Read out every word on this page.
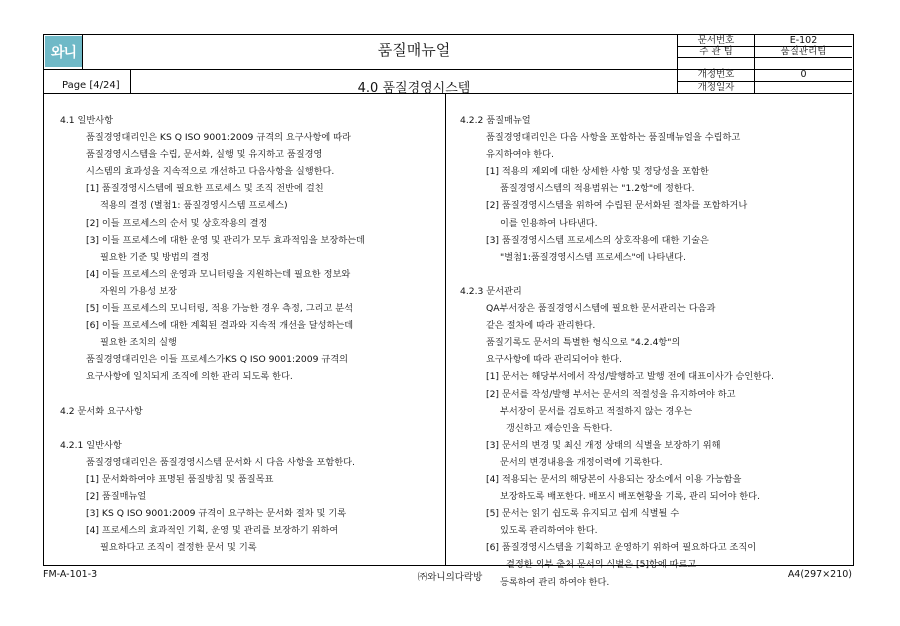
와니	품질매뉴얼
Page [4/24]	4.0 품질경영시스템
문서번호	E-102
주 관 팀	품질관리팀
개정번호	0
개정일자
4.1 일반사항
품질경영대리인은 KS Q ISO 9001:2009 규격의 요구사항에 따라
품질경영시스템을 수립, 문서화, 실행 및 유지하고 품질경영
시스템의 효과성을 지속적으로 개선하고 다음사항을 실행한다.
[1] 품질경영시스템에 필요한 프로세스 및 조직 전반에 걸친
적용의 결정 (별첨1: 품질경영시스템 프로세스)
[2] 이들 프로세스의 순서 및 상호작용의 결정
[3] 이들 프로세스에 대한 운영 및 관리가 모두 효과적임을 보장하는데
필요한 기준 및 방법의 결정
[4] 이들 프로세스의 운영과 모니터링을 지원하는데 필요한 정보와
자원의 가용성 보장
[5] 이들 프로세스의 모니터링, 적용 가능한 경우 측정, 그리고 분석
[6] 이들 프로세스에 대한 계획된 결과와 지속적 개선을 달성하는데
필요한 조치의 실행
품질경영대리인은 이들 프로세스가KS Q ISO 9001:2009 규격의
요구사항에 일치되게 조직에 의한 관리 되도록 한다.
4.2 문서화 요구사항
4.2.1 일반사항
품질경영대리인은 품질경영시스템 문서화 시 다음 사항을 포함한다.
[1] 문서화하여야 표명된 품질방침 및 품질목표
[2] 품질매뉴얼
[3] KS Q ISO 9001:2009 규격이 요구하는 문서화 절차 및 기록
[4] 프로세스의 효과적인 기획, 운영 및 관리를 보장하기 위하여
필요하다고 조직이 결정한 문서 및 기록
4.2.2 품질매뉴얼
품질경영대리인은 다음 사항을 포함하는 품질매뉴얼을 수립하고
유지하여야 한다.
[1] 적용의 제외에 대한 상세한 사항 및 정당성을 포함한
품질경영시스템의 적용범위는 "1.2항"에 정한다.
[2] 품질경영시스템을 위하여 수립된 문서화된 절차를 포함하거나
이를 인용하여 나타낸다.
[3] 품질경영시스템 프로세스의 상호작용에 대한 기술은
"별첨1:품질경영시스템 프로세스"에 나타낸다.
4.2.3 문서관리
QA부서장은 품질경영시스템에 필요한 문서관리는 다음과
같은 절차에 따라 관리한다.
품질기록도 문서의 특별한 형식으로 "4.2.4항"의
요구사항에 따라 관리되어야 한다.
[1] 문서는 해당부서에서 작성/발행하고 발행 전에 대표이사가 승인한다.
[2] 문서를 작성/발행 부서는 문서의 적절성을 유지하여야 하고
부서장이 문서를 검토하고 적절하지 않는 경우는
갱신하고 재승인을 득한다.
[3] 문서의 변경 및 최신 개정 상태의 식별을 보장하기 위해
문서의 변경내용을 개정이력에 기록한다.
[4] 적용되는 문서의 해당본이 사용되는 장소에서 이용 가능함을
보장하도록 배포한다. 배포시 배포현황을 기록, 관리 되어야 한다.
[5] 문서는 읽기 쉽도록 유지되고 쉽게 식별될 수
있도록 관리하여야 한다.
[6] 품질경영시스템을 기획하고 운영하기 위하여 필요하다고 조직이
결정한 외부 출처 문서의 식별은 [5]항에 따르고
등록하여 관리 하여야 한다.
FM-A-101-3	㈜와니의다락방	A4(297×210)
